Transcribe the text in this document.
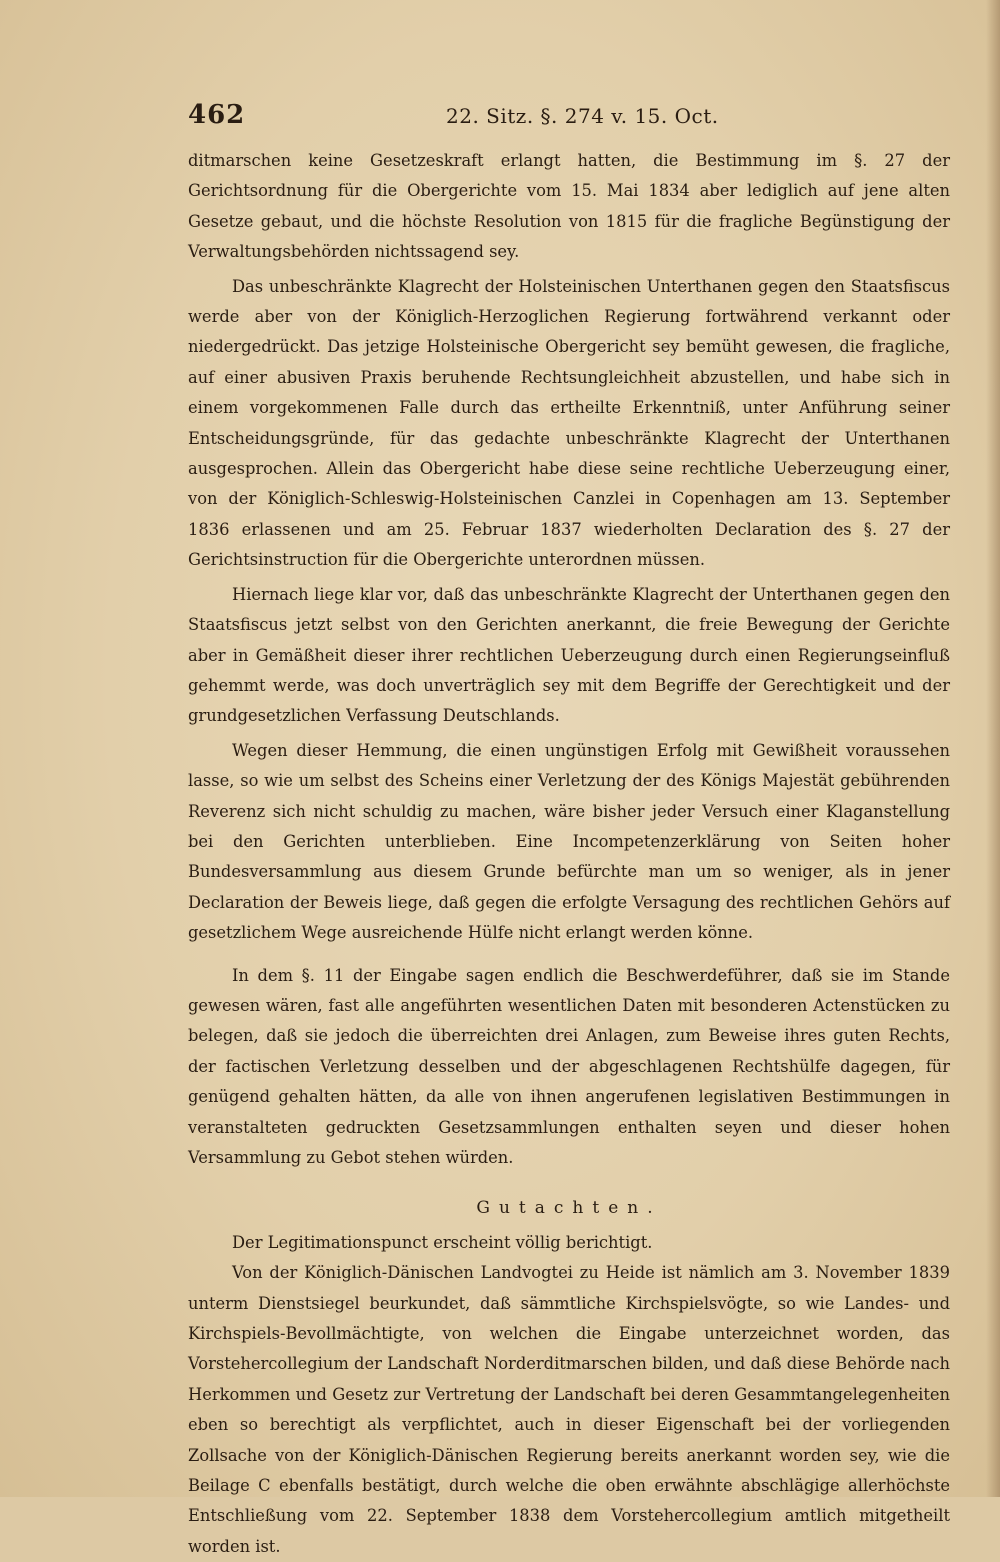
462	22. Sitz. §. 274 v. 15. Oct.

ditmarschen keine Gesetzeskraft erlangt hatten, die Bestimmung im §. 27 der Gerichtsordnung für die Obergerichte vom 15. Mai 1834 aber lediglich auf jene alten Gesetze gebaut, und die höchste Resolution von 1815 für die fragliche Begünstigung der Verwaltungsbehörden nichtssagend sey.

Das unbeschränkte Klagrecht der Holsteinischen Unterthanen gegen den Staatsfiscus werde aber von der Königlich-Herzoglichen Regierung fortwährend verkannt oder niedergedrückt. Das jetzige Holsteinische Obergericht sey bemüht gewesen, die fragliche, auf einer abusiven Praxis beruhende Rechtsungleichheit abzustellen, und habe sich in einem vorgekommenen Falle durch das ertheilte Erkenntniß, unter Anführung seiner Entscheidungsgründe, für das gedachte unbeschränkte Klagrecht der Unterthanen ausgesprochen. Allein das Obergericht habe diese seine rechtliche Ueberzeugung einer, von der Königlich-Schleswig-Holsteinischen Canzlei in Copenhagen am 13. September 1836 erlassenen und am 25. Februar 1837 wiederholten Declaration des §. 27 der Gerichtsinstruction für die Obergerichte unterordnen müssen.

Hiernach liege klar vor, daß das unbeschränkte Klagrecht der Unterthanen gegen den Staatsfiscus jetzt selbst von den Gerichten anerkannt, die freie Bewegung der Gerichte aber in Gemäßheit dieser ihrer rechtlichen Ueberzeugung durch einen Regierungseinfluß gehemmt werde, was doch unverträglich sey mit dem Begriffe der Gerechtigkeit und der grundgesetzlichen Verfassung Deutschlands.

Wegen dieser Hemmung, die einen ungünstigen Erfolg mit Gewißheit voraussehen lasse, so wie um selbst des Scheins einer Verletzung der des Königs Majestät gebührenden Reverenz sich nicht schuldig zu machen, wäre bisher jeder Versuch einer Klaganstellung bei den Gerichten unterblieben. Eine Incompetenzerklärung von Seiten hoher Bundesversammlung aus diesem Grunde befürchte man um so weniger, als in jener Declaration der Beweis liege, daß gegen die erfolgte Versagung des rechtlichen Gehörs auf gesetzlichem Wege ausreichende Hülfe nicht erlangt werden könne.

In dem §. 11 der Eingabe sagen endlich die Beschwerdeführer, daß sie im Stande gewesen wären, fast alle angeführten wesentlichen Daten mit besonderen Actenstücken zu belegen, daß sie jedoch die überreichten drei Anlagen, zum Beweise ihres guten Rechts, der factischen Verletzung desselben und der abgeschlagenen Rechtshülfe dagegen, für genügend gehalten hätten, da alle von ihnen angerufenen legislativen Bestimmungen in veranstalteten gedruckten Gesetzsammlungen enthalten seyen und dieser hohen Versammlung zu Gebot stehen würden.

Gutachten.

Der Legitimationspunct erscheint völlig berichtigt.

Von der Königlich-Dänischen Landvogtei zu Heide ist nämlich am 3. November 1839 unterm Dienstsiegel beurkundet, daß sämmtliche Kirchspielsvögte, so wie Landes- und Kirchspiels-Bevollmächtigte, von welchen die Eingabe unterzeichnet worden, das Vorstehercollegium der Landschaft Norderditmarschen bilden, und daß diese Behörde nach Herkommen und Gesetz zur Vertretung der Landschaft bei deren Gesammtangelegenheiten eben so berechtigt als verpflichtet, auch in dieser Eigenschaft bei der vorliegenden Zollsache von der Königlich-Dänischen Regierung bereits anerkannt worden sey, wie die Beilage C ebenfalls bestätigt, durch welche die oben erwähnte abschlägige allerhöchste Entschließung vom 22. September 1838 dem Vorstehercollegium amtlich mitgetheilt worden ist.
